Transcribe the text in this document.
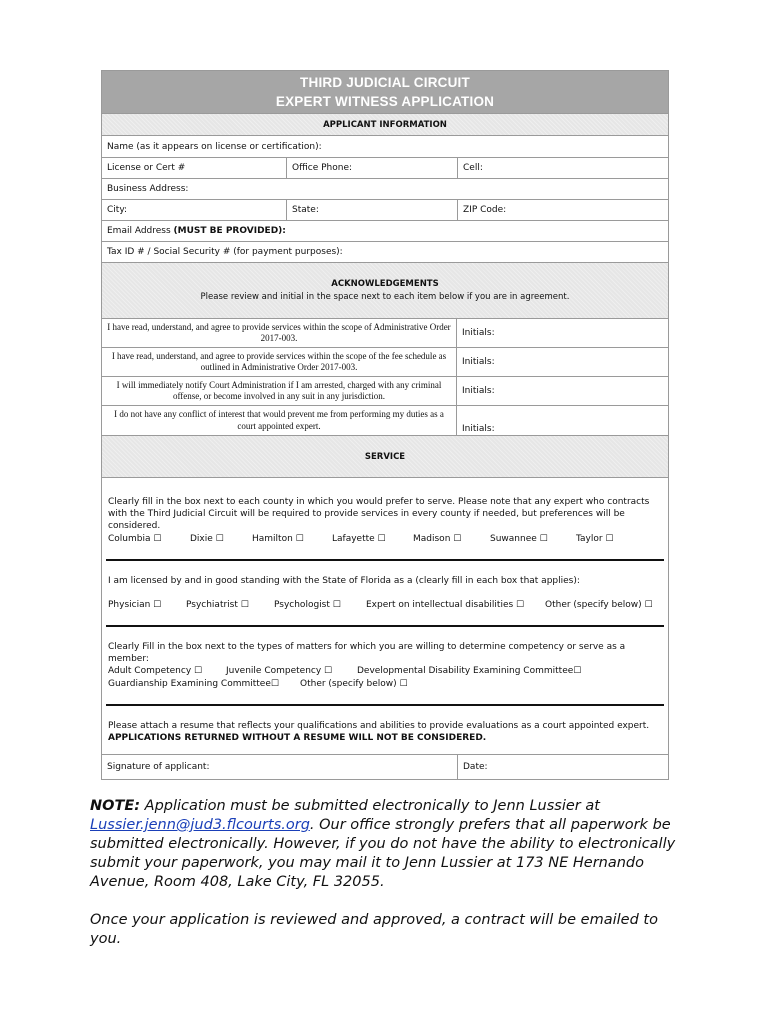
THIRD JUDICIAL CIRCUIT
EXPERT WITNESS APPLICATION
APPLICANT INFORMATION
Name (as it appears on license or certification):
License or Cert #	Office Phone:	Cell:
Business Address:
City:	State:	ZIP Code:
Email Address (MUST BE PROVIDED):
Tax ID # / Social Security # (for payment purposes):
ACKNOWLEDGEMENTS
Please review and initial in the space next to each item below if you are in agreement.
I have read, understand, and agree to provide services within the scope of Administrative Order 2017-003.	Initials:
I have read, understand, and agree to provide services within the scope of the fee schedule as outlined in Administrative Order 2017-003.	Initials:
I will immediately notify Court Administration if I am arrested, charged with any criminal offense, or become involved in any suit in any jurisdiction.	Initials:
I do not have any conflict of interest that would prevent me from performing my duties as a court appointed expert.	Initials:
SERVICE
Clearly fill in the box next to each county in which you would prefer to serve. Please note that any expert who contracts with the Third Judicial Circuit will be required to provide services in every county if needed, but preferences will be considered.
Columbia ☐	Dixie ☐	Hamilton ☐	Lafayette ☐	Madison ☐	Suwannee ☐	Taylor ☐
I am licensed by and in good standing with the State of Florida as a (clearly fill in each box that applies):
Physician ☐	Psychiatrist ☐	Psychologist ☐	Expert on intellectual disabilities ☐	Other (specify below) ☐
Clearly Fill in the box next to the types of matters for which you are willing to determine competency or serve as a member:
Adult Competency ☐	Juvenile Competency ☐	Developmental Disability Examining Committee☐
Guardianship Examining Committee☐	Other (specify below) ☐
Please attach a resume that reflects your qualifications and abilities to provide evaluations as a court appointed expert.
APPLICATIONS RETURNED WITHOUT A RESUME WILL NOT BE CONSIDERED.
Signature of applicant:	Date:
NOTE: Application must be submitted electronically to Jenn Lussier at Lussier.jenn@jud3.flcourts.org. Our office strongly prefers that all paperwork be submitted electronically. However, if you do not have the ability to electronically submit your paperwork, you may mail it to Jenn Lussier at 173 NE Hernando Avenue, Room 408, Lake City, FL 32055.
Once your application is reviewed and approved, a contract will be emailed to you.
